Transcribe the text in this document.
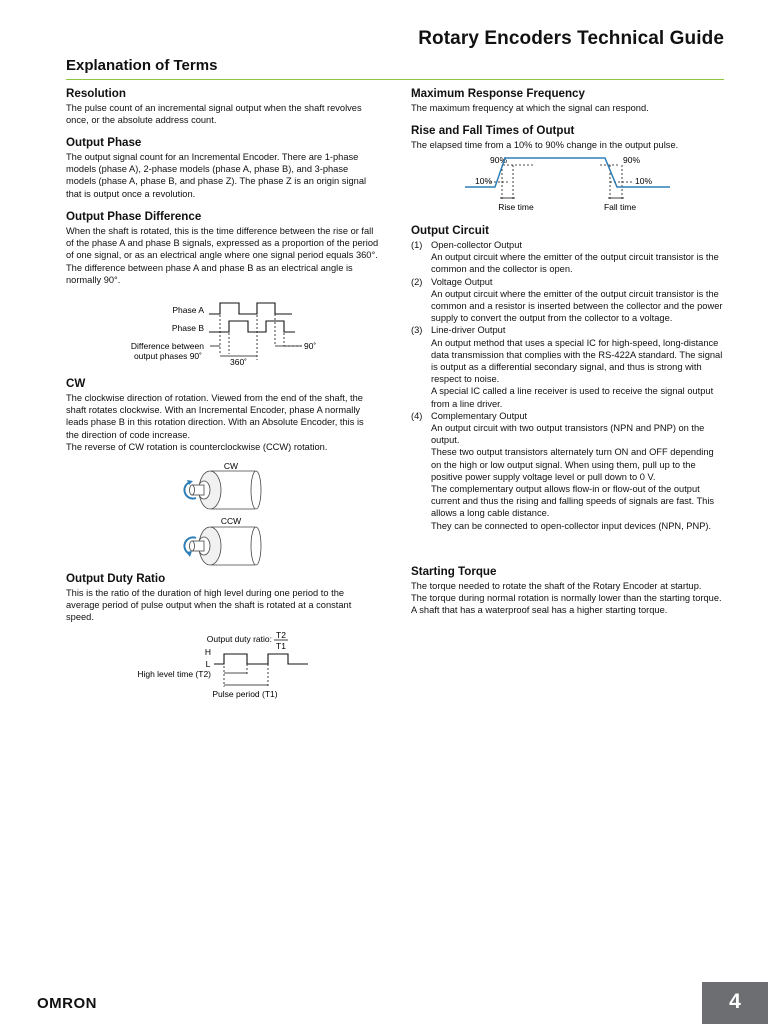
Rotary Encoders Technical Guide
Explanation of Terms
Resolution

The pulse count of an incremental signal output when the shaft revolves once, or the absolute address count.

Output Phase

The output signal count for an Incremental Encoder. There are 1-phase models (phase A), 2-phase models (phase A, phase B), and 3-phase models (phase A, phase B, and phase Z). The phase Z is an origin signal that is output once a revolution.

Output Phase Difference

When the shaft is rotated, this is the time difference between the rise or fall of the phase A and phase B signals, expressed as a proportion of the period of one signal, or as an electrical angle where one signal period equals 360°.

The difference between phase A and phase B as an electrical angle is normally 90°.

CW

The clockwise direction of rotation. Viewed from the end of the shaft, the shaft rotates clockwise. With an Incremental Encoder, phase A normally leads phase B in this rotation direction. With an Absolute Encoder, this is the direction of code increase.

The reverse of CW rotation is counterclockwise (CCW) rotation.

Output Duty Ratio

This is the ratio of the duration of high level during one period to the average period of pulse output when the shaft is rotated at a constant speed.

Phase A
Phase B
Difference between
output phases 90˚
90˚
360˚
CW
CCW
Output duty ratio: T2
T1
H
L
High level time (T2)
Pulse period (T1)
Maximum Response Frequency

The maximum frequency at which the signal can respond.

Rise and Fall Times of Output

The elapsed time from a 10% to 90% change in the output pulse.

Output Circuit
(1) Open-collector Output

An output circuit where the emitter of the output circuit transistor is the common and the collector is open.

(2) Voltage Output

An output circuit where the emitter of the output circuit transistor is the common and a resistor is inserted between the collector and the power supply to convert the output from the collector to a voltage.

(3) Line-driver Output

An output method that uses a special IC for high-speed, long-distance data transmission that complies with the RS-422A standard. The signal is output as a differential secondary signal, and thus is strong with respect to noise.

A special IC called a line receiver is used to receive the signal output from a line driver.

(4) Complementary Output

An output circuit with two output transistors (NPN and PNP) on the output.

These two output transistors alternately turn ON and OFF depending on the high or low output signal. When using them, pull up to the positive power supply voltage level or pull down to 0 V.

The complementary output allows flow-in or flow-out of the output current and thus the rising and falling speeds of signals are fast. This allows a long cable distance.

They can be connected to open-collector input devices (NPN, PNP).

Starting Torque

The torque needed to rotate the shaft of the Rotary Encoder at startup.

The torque during normal rotation is normally lower than the starting torque. A shaft that has a waterproof seal has a higher starting torque.

90%	90%
10%	10%
Rise time	Fall time
OMRON	4
